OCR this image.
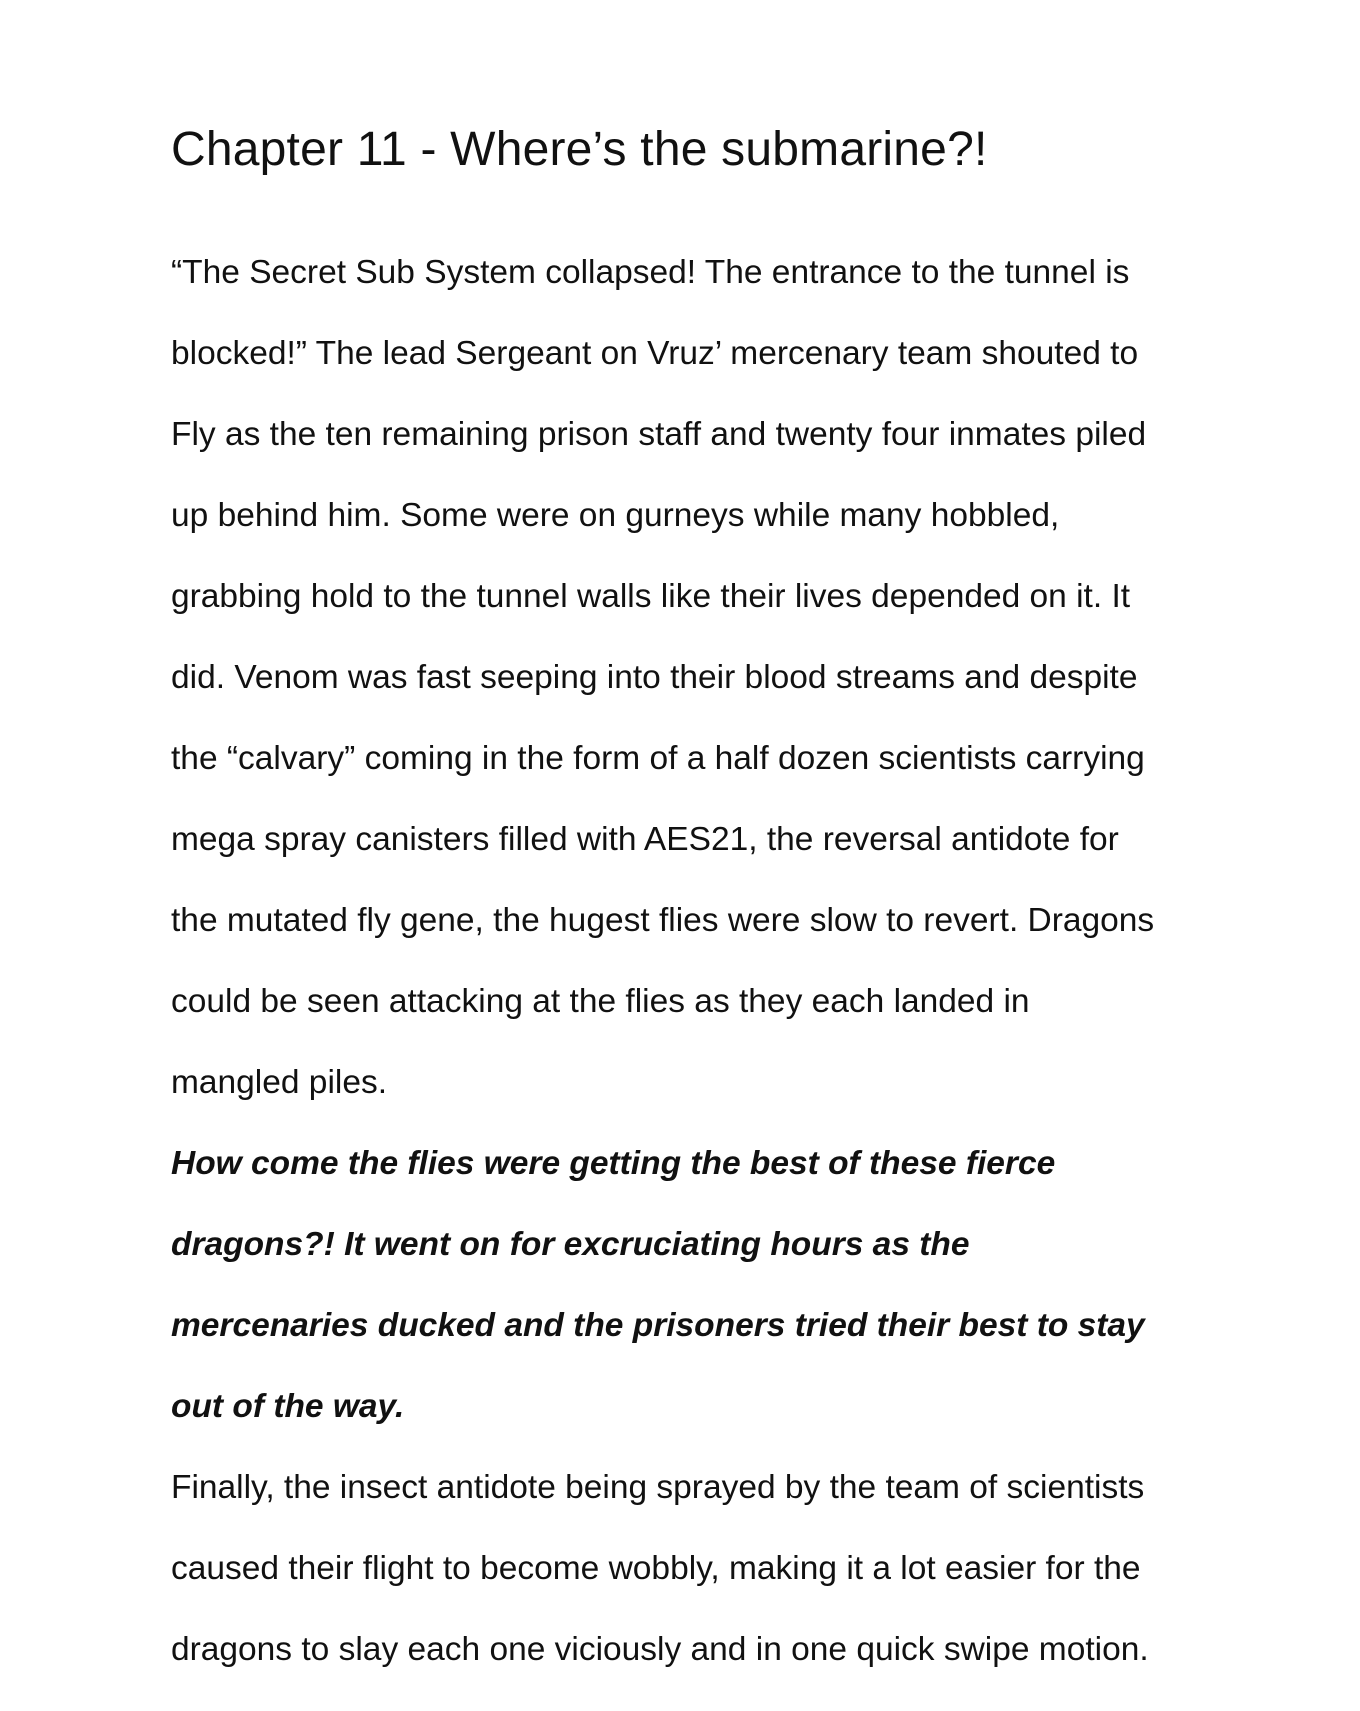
Chapter 11 - Where’s the submarine?!
“The Secret Sub System collapsed! The entrance to the tunnel is
blocked!” The lead Sergeant on Vruz’ mercenary team shouted to
Fly as the ten remaining prison staff and twenty four inmates piled
up behind him. Some were on gurneys while many hobbled,
grabbing hold to the tunnel walls like their lives depended on it. It
did. Venom was fast seeping into their blood streams and despite
the “calvary” coming in the form of a half dozen scientists carrying
mega spray canisters filled with AES21, the reversal antidote for
the mutated fly gene, the hugest flies were slow to revert. Dragons
could be seen attacking at the flies as they each landed in
mangled piles.
How come the flies were getting the best of these fierce
dragons?! It went on for excruciating hours as the
mercenaries ducked and the prisoners tried their best to stay
out of the way.
Finally, the insect antidote being sprayed by the team of scientists
caused their flight to become wobbly, making it a lot easier for the
dragons to slay each one viciously and in one quick swipe motion.
